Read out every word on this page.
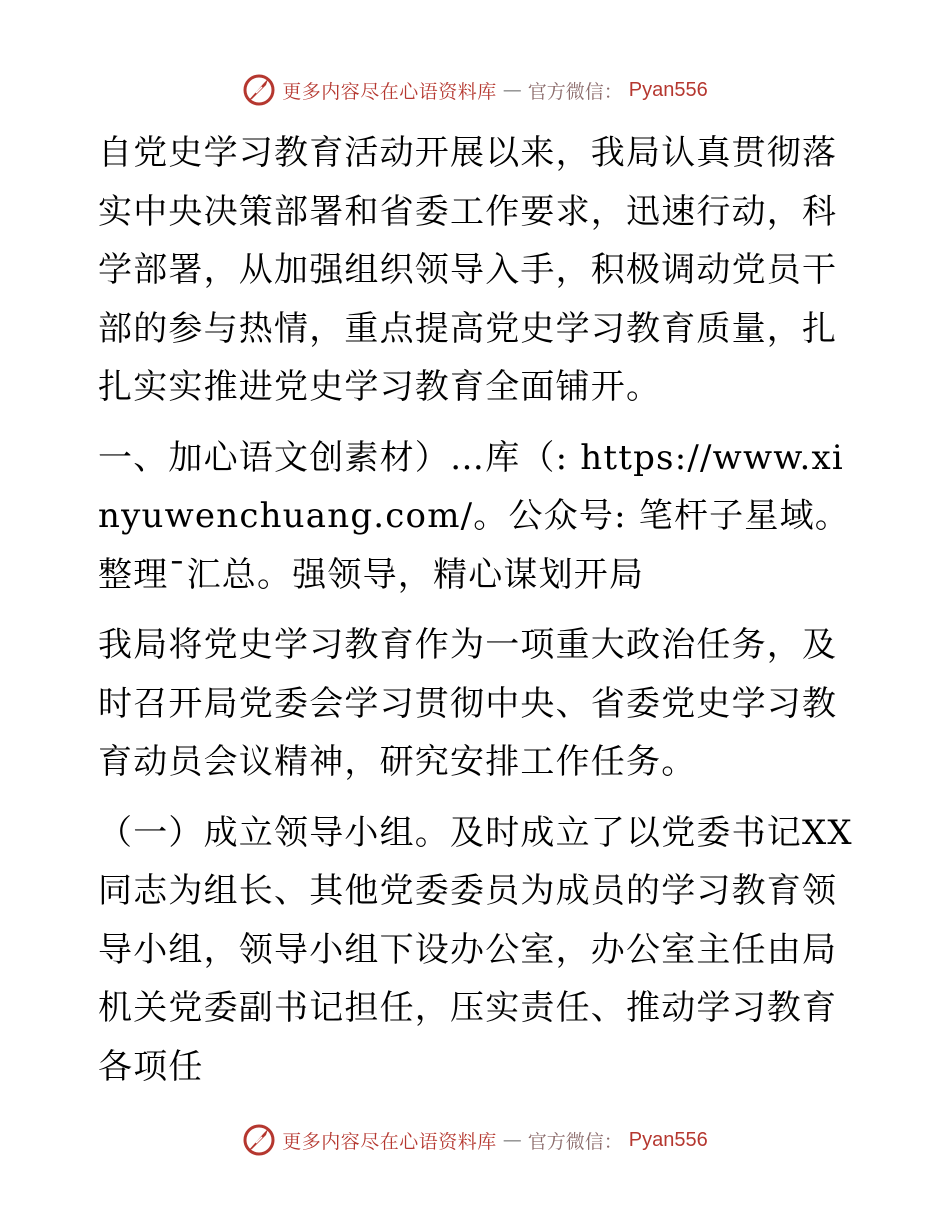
更多内容尽在心语资料库 — 官方微信： Pyan556

自党史学习教育活动开展以来，我局认真贯彻落实中央决策部署和省委工作要求，迅速行动，科学部署，从加强组织领导入手，积极调动党员干部的参与热情，重点提高党史学习教育质量，扎扎实实推进党史学习教育全面铺开。

一、加心语文创素材）…库（: https://www.xinyuwenchuang.com/。公众号: 笔杆子星域。整理¯汇总。强领导，精心谋划开局

我局将党史学习教育作为一项重大政治任务，及时召开局党委会学习贯彻中央、省委党史学习教育动员会议精神，研究安排工作任务。

（一）成立领导小组。及时成立了以党委书记XX同志为组长、其他党委委员为成员的学习教育领导小组，领导小组下设办公室，办公室主任由局机关党委副书记担任，压实责任、推动学习教育各项任

更多内容尽在心语资料库 — 官方微信： Pyan556
